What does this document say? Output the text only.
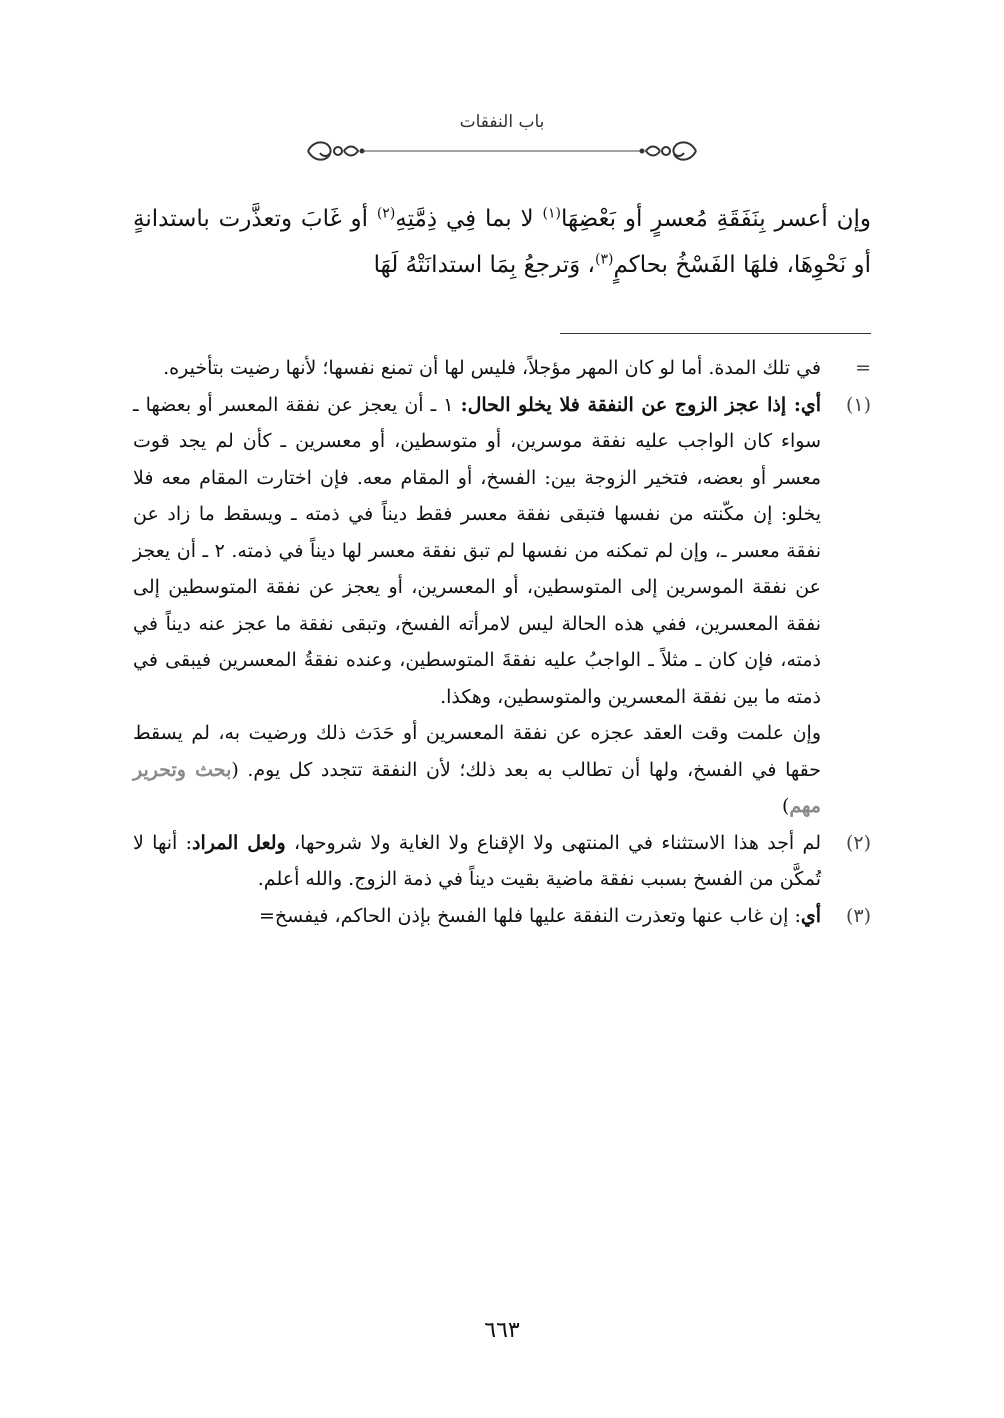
باب النفقات

وإن أعسر بِنَفَقَةِ مُعسرٍ أو بَعْضِهَا$^{(١)}$ لا بما فِي ذِمَّتِهِ$^{(٢)}$ أو غَابَ وتعذَّرت باستدانةٍ أو نَحْوِهَا، فلهَا الفَسْخُ بحاكمٍ$^{(٣)}$، وَترجعُ بِمَا استدانَتْهُ لَهَا

=
في تلك المدة. أما لو كان المهر مؤجلاً، فليس لها أن تمنع نفسها؛ لأنها رضيت بتأخيره.
(١)
أي: إذا عجز الزوج عن النفقة فلا يخلو الحال: ١ ـ أن يعجز عن نفقة المعسر أو بعضها ـ سواء كان الواجب عليه نفقة موسرين، أو متوسطين، أو معسرين ـ كأن لم يجد قوت معسر أو بعضه، فتخير الزوجة بين: الفسخ، أو المقام معه. فإن اختارت المقام معه فلا يخلو: إن مكّنته من نفسها فتبقى نفقة معسر فقط ديناً في ذمته ـ ويسقط ما زاد عن نفقة معسر ـ، وإن لم تمكنه من نفسها لم تبق نفقة معسر لها ديناً في ذمته. ٢ ـ أن يعجز عن نفقة الموسرين إلى المتوسطين، أو المعسرين، أو يعجز عن نفقة المتوسطين إلى نفقة المعسرين، ففي هذه الحالة ليس لامرأته الفسخ، وتبقى نفقة ما عجز عنه ديناً في ذمته، فإن كان ـ مثلاً ـ الواجبُ عليه نفقةَ المتوسطين، وعنده نفقةُ المعسرين فيبقى في ذمته ما بين نفقة المعسرين والمتوسطين، وهكذا.
وإن علمت وقت العقد عجزه عن نفقة المعسرين أو حَدَث ذلك ورضيت به، لم يسقط حقها في الفسخ، ولها أن تطالب به بعد ذلك؛ لأن النفقة تتجدد كل يوم. (بحث وتحرير مهم)
(٢)
لم أجد هذا الاستثناء في المنتهى ولا الإقناع ولا الغاية ولا شروحها، ولعل المراد: أنها لا تُمكَّن من الفسخ بسبب نفقة ماضية بقيت ديناً في ذمة الزوج. والله أعلم.
(٣)
أي: إن غاب عنها وتعذرت النفقة عليها فلها الفسخ بإذن الحاكم، فيفسخ=
٦٦٣
